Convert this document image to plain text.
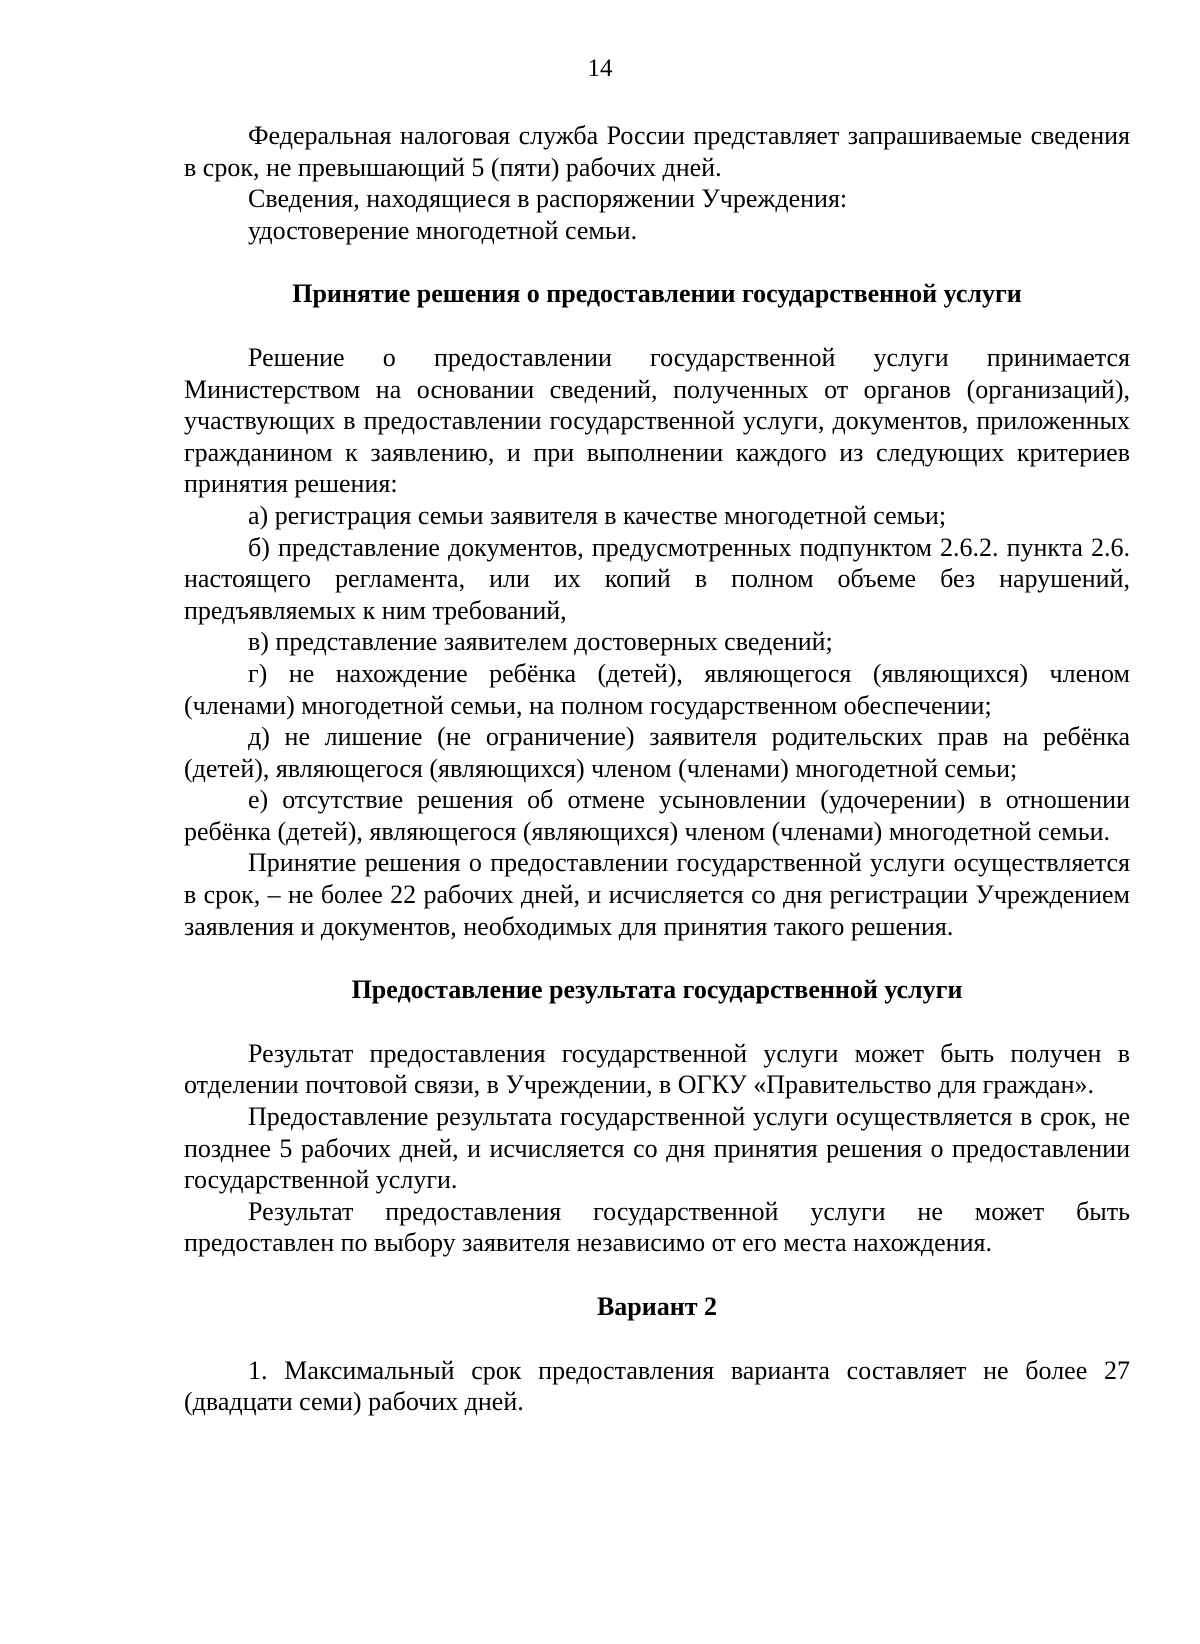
14

Федеральная налоговая служба России представляет запрашиваемые сведения в срок, не превышающий 5 (пяти) рабочих дней.

Сведения, находящиеся в распоряжении Учреждения:

удостоверение многодетной семьи.

Принятие решения о предоставлении государственной услуги

Решение о предоставлении государственной услуги принимается Министерством на основании сведений, полученных от органов (организаций), участвующих в предоставлении государственной услуги, документов, приложенных гражданином к заявлению, и при выполнении каждого из следующих критериев принятия решения:

а) регистрация семьи заявителя в качестве многодетной семьи;

б) представление документов, предусмотренных подпунктом 2.6.2. пункта 2.6. настоящего регламента, или их копий в полном объеме без нарушений, предъявляемых к ним требований,

в) представление заявителем достоверных сведений;

г) не нахождение ребёнка (детей), являющегося (являющихся) членом (членами) многодетной семьи, на полном государственном обеспечении;

д) не лишение (не ограничение) заявителя родительских прав на ребёнка (детей), являющегося (являющихся) членом (членами) многодетной семьи;

е) отсутствие решения об отмене усыновлении (удочерении) в отношении ребёнка (детей), являющегося (являющихся) членом (членами) многодетной семьи.

Принятие решения о предоставлении государственной услуги осуществляется в срок, – не более 22 рабочих дней, и исчисляется со дня регистрации Учреждением заявления и документов, необходимых для принятия такого решения.

Предоставление результата государственной услуги

Результат предоставления государственной услуги может быть получен в отделении почтовой связи, в Учреждении, в ОГКУ «Правительство для граждан».

Предоставление результата государственной услуги осуществляется в срок, не позднее 5 рабочих дней, и исчисляется со дня принятия решения о предоставлении государственной услуги.

Результат предоставления государственной услуги не может быть предоставлен по выбору заявителя независимо от его места нахождения.

Вариант 2

1. Максимальный срок предоставления варианта составляет не более 27 (двадцати семи) рабочих дней.
